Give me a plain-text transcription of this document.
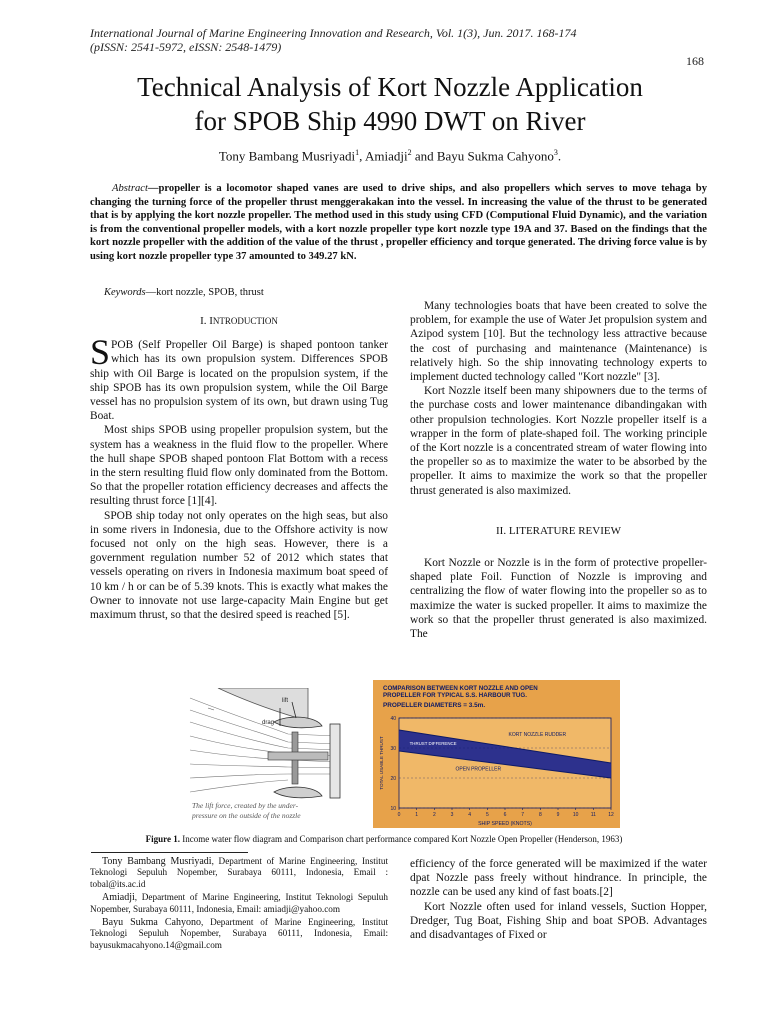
International Journal of Marine Engineering Innovation and Research, Vol. 1(3), Jun. 2017. 168-174
(pISSN: 2541-5972, eISSN: 2548-1479)
168
Technical Analysis of Kort Nozzle Application
for SPOB Ship 4990 DWT on River
Tony Bambang Musriyadi$^1$, Amiadji$^2$ and Bayu Sukma Cahyono$^3$.
Abstract—propeller is a locomotor shaped vanes are used to drive ships, and also propellers which serves to move tehaga by changing the turning force of the propeller thrust menggerakakan into the vessel. In increasing the value of the thrust to be generated that is by applying the kort nozzle propeller. The method used in this study using CFD (Computional Fluid Dynamic), and the variation is from the conventional propeller models, with a kort nozzle propeller type kort nozzle type 19A and 37. Based on the findings that the kort nozzle propeller with the addition of the value of the thrust , propeller efficiency and torque generated. The driving force value is by using kort nozzle propeller type 37 amounted to 349.27 kN.
Keywords—kort nozzle, SPOB, thrust
I. INTRODUCTION

SPOB (Self Propeller Oil Barge) is shaped pontoon tanker which has its own propulsion system. Differences SPOB ship with Oil Barge is located on the propulsion system, if the ship SPOB has its own propulsion system, while the Oil Barge vessel has no propulsion system of its own, but drawn using Tug Boat.

Most ships SPOB using propeller propulsion system, but the system has a weakness in the fluid flow to the propeller. Where the hull shape SPOB shaped pontoon Flat Bottom with a recess in the stern resulting fluid flow only dominated from the Bottom. So that the propeller rotation efficiency decreases and affects the resulting thrust force [1][4].

SPOB ship today not only operates on the high seas, but also in some rivers in Indonesia, due to the Offshore activity is now focused not only on the high seas. However, there is a government regulation number 52 of 2012 which states that vessels operating on rivers in Indonesia maximum boat speed of 10 km / h or can be of 5.39 knots. This is exactly what makes the Owner to innovate not use large-capacity Main Engine but get maximum thrust, so that the desired speed is reached [5].

Many technologies boats that have been created to solve the problem, for example the use of Water Jet propulsion system and Azipod system [10]. But the technology less attractive because the cost of purchasing and maintenance (Maintenance) is relatively high. So the ship innovating technology experts to implement ducted technology called "Kort nozzle" [3].

Kort Nozzle itself been many shipowners due to the terms of the purchase costs and lower maintenance dibandingakan with other propulsion technologies. Kort Nozzle propeller itself is a wrapper in the form of plate-shaped foil. The working principle of the Kort nozzle is a concentrated stream of water flowing into the propeller so as to maximize the water to be absorbed by the propeller. It aims to maximize the work so that the propeller thrust generated is also maximized.

II. LITERATURE REVIEW

Kort Nozzle or Nozzle is in the form of protective propeller-shaped plate Foil. Function of Nozzle is improving and centralizing the flow of water flowing into the propeller so as to maximize the water is sucked propeller. It aims to maximize the work so that the propeller thrust generated is also maximized. The

lift
drag
The lift force, created by the under-
pressure on the outside of the nozzle
COMPARISON BETWEEN KORT NOZZLE AND OPEN
PROPELLER FOR TYPICAL S.S. HARBOUR TUG.
PROPELLER DIAMETERS = 3.5m.
0	1	2	3	4	5	6	7	8	9	10 11 12
10
20
30
40
KORT NOZZLE RUDDER
OPEN PROPELLER
THRUST DIFFERENCE
SHIP SPEED (KNOTS)
TOTAL USABLE THRUST
Figure 1. Income water flow diagram and Comparison chart performance compared Kort Nozzle Open Propeller (Henderson, 1963)

Tony Bambang Musriyadi, Department of Marine Engineering, Institut Teknologi Sepuluh Nopember, Surabaya 60111, Indonesia, Email : tobal@its.ac.id

Amiadji, Department of Marine Engineering, Institut Teknologi Sepuluh Nopember, Surabaya 60111, Indonesia, Email: amiadji@yahoo.com

Bayu Sukma Cahyono, Department of Marine Engineering, Institut Teknologi Sepuluh Nopember, Surabaya 60111, Indonesia, Email: bayusukmacahyono.14@gmail.com

efficiency of the force generated will be maximized if the water dpat Nozzle pass freely without hindrance. In principle, the nozzle can be used any kind of fast boats.[2]

Kort Nozzle often used for inland vessels, Suction Hopper, Dredger, Tug Boat, Fishing Ship and boat SPOB. Advantages and disadvantages of Fixed or
